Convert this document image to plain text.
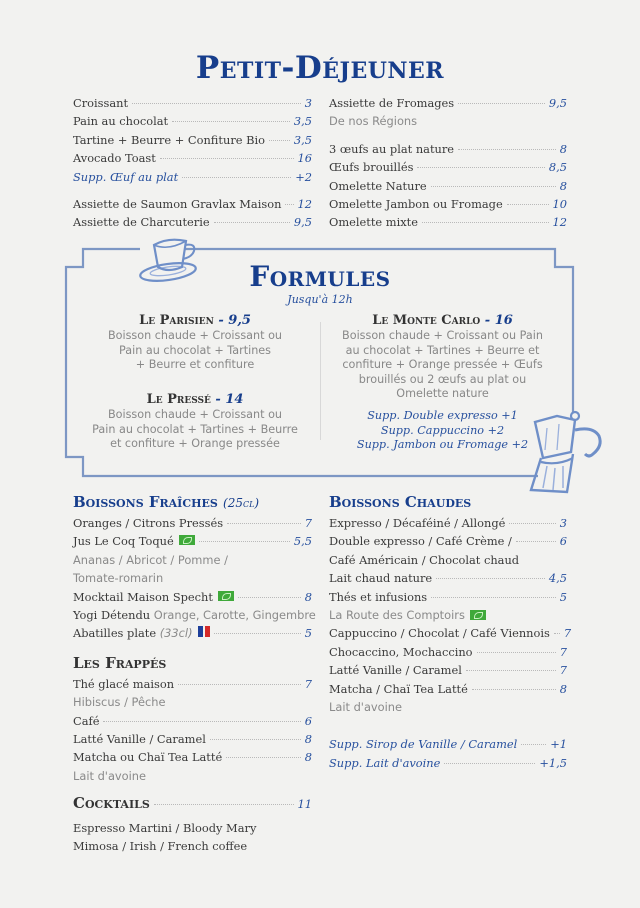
Petit-Déjeuner
Croissant	3
Pain au chocolat	3,5
Tartine + Beurre + Confiture Bio	3,5
Avocado Toast	16
Supp. Œuf au plat	+2
Assiette de Saumon Gravlax Maison 12
Assiette de Charcuterie	9,5
Assiette de Fromages	9,5
De nos Régions
3 œufs au plat nature	8
Œufs brouillés	8,5
Omelette Nature	8
Omelette Jambon ou Fromage	10
Omelette mixte	12
Formules
Jusqu'à 12h
Le Parisien - 9,5
Boisson chaude + Croissant ou
Pain au chocolat + Tartines
+ Beurre et confiture
Le Pressé - 14
Boisson chaude + Croissant ou
Pain au chocolat + Tartines + Beurre
et confiture + Orange pressée
Le Monte Carlo - 16
Boisson chaude + Croissant ou Pain
au chocolat + Tartines + Beurre et
confiture + Orange pressée + Œufs
brouillés ou 2 œufs au plat ou
Omelette nature
Supp. Double expresso +1
Supp. Cappuccino +2
Supp. Jambon ou Fromage +2
Boissons Fraîches (25cl)
Oranges / Citrons Pressés	7
Jus Le Coq Toqué	5,5
Ananas / Abricot / Pomme /
Tomate-romarin
Mocktail Maison Specht	8
Yogi Détendu
Orange, Carotte, Gingembre
Abatilles plate
(33cl)	5
Les Frappés
Thé glacé maison	7
Hibiscus / Pêche
Café	6
Latté Vanille / Caramel	8
Matcha ou Chaï Tea Latté	8
Lait d'avoine
Cocktails	11
Espresso Martini / Bloody Mary
Mimosa / Irish / French coffee
Boissons Chaudes
Expresso / Décaféiné / Allongé	3
Double expresso / Café Crème /	6
Café Américain / Chocolat chaud
Lait chaud nature	4,5
Thés et infusions	5
La Route des Comptoirs
Cappuccino / Chocolat / Café Viennois 7
Chocaccino, Mochaccino	7
Latté Vanille / Caramel	7
Matcha / Chaï Tea Latté	8
Lait d'avoine
Supp. Sirop de Vanille / Caramel	+1
Supp. Lait d'avoine	+1,5
